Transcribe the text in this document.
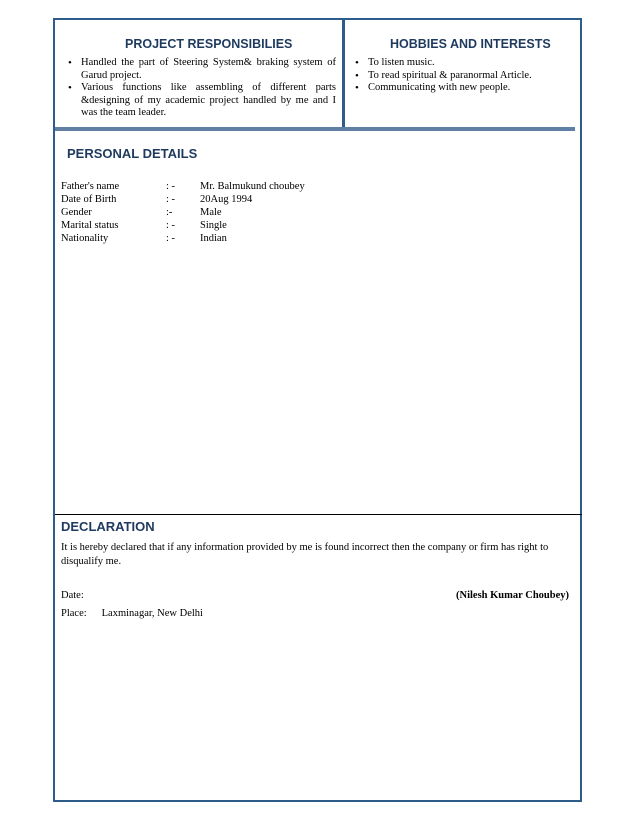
PROJECT RESPONSIBILIES
• Handled the part of Steering System& braking system of Garud project.
• Various functions like assembling of different parts &designing of my academic project handled by me and I was the team leader.
HOBBIES AND INTERESTS
• To listen music.
• To read spiritual & paranormal Article.
• Communicating with new people.
PERSONAL DETAILS
Father's name	: -	Mr. Balmukund choubey
Date of Birth	: -	20Aug 1994
Gender	:-	Male
Marital status	: -	Single
Nationality	: -	Indian
DECLARATION
It is hereby declared that if any information provided by me is found incorrect then the company or firm has right to disqualify me.
Date:	(Nilesh Kumar Choubey)
Place: Laxminagar, New Delhi
